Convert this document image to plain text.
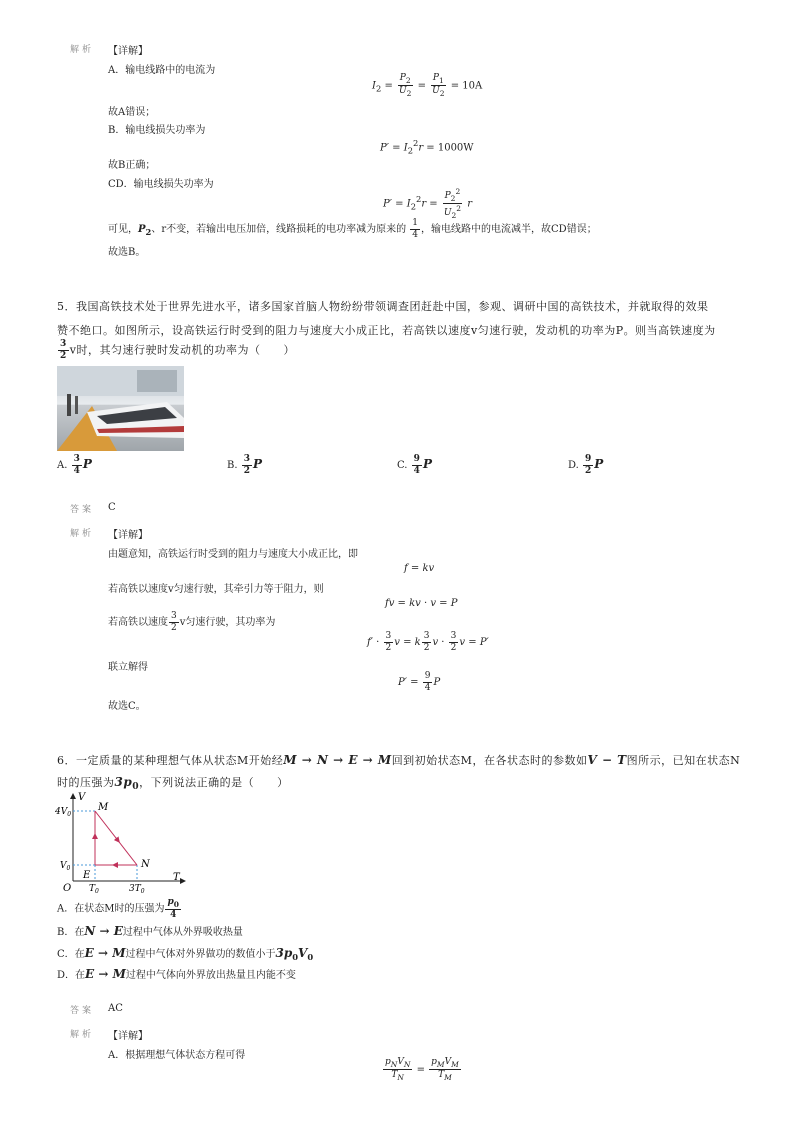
解析 【详解】
A．输电线路中的电流为
$I_2 = \frac{P_2}{U_2} = \frac{P_1}{U_2} = 10A$
故A错误；
B．输电线损失功率为
$P' = I_2^2r = 1000W$
故B正确；
CD．输电线损失功率为
$P' = I_2^2r = \frac{P_2^2}{U_2^2}$ r
可见，$P_2$、r不变，若输出电压加倍，线路损耗的电功率减为原来的 $\frac{1}{4}$ ，输电线路中的电流减半，故CD错误；
故选B。
5．我国高铁技术处于世界先进水平，诸多国家首脑人物纷纷带领调查团赶赴中国，参观、调研中国的高铁技术，并就取得的效果
赞不绝口。如图所示，设高铁运行时受到的阻力与速度大小成正比，若高铁以速度v匀速行驶，发动机的功率为P。则当高铁速度为
$\frac{3}{2}$ v时，其匀速行驶时发动机的功率为（　　）
A. $\frac{3}{4}$ P	B. $\frac{3}{2}$ P	C. $\frac{9}{4}$ P	D. $\frac{9}{2}$ P
答案 C
解析 【详解】
由题意知，高铁运行时受到的阻力与速度大小成正比，即
f = kv
若高铁以速度v匀速行驶，其牵引力等于阻力，则
fv = kv · v = P
若高铁以速度 $\frac{3}{2}$ v匀速行驶，其功率为
$f' \cdot \frac{3}{2}$ v = k $\frac{3}{2}$ $v \cdot \frac{3}{2}$ v = P′
联立解得
$P' = \frac{9}{4}$ P
故选C。
6．一定质量的某种理想气体从状态M开始经M → N → E → M回到初始状态M，在各状态时的参数如V − T图所示，已知在状态N
时的压强为$3p_0$，下列说法正确的是（　　）
V
T
O
$4V_0$
$V_0$
$T_0$	$3T_0$
M
N
E
A．在状态M时的压强为 $\frac{p_0}{4}$
B．在N → E过程中气体从外界吸收热量
C．在E → M过程中气体对外界做功的数值小于$3p_0V_0$
D．在E → M过程中气体向外界放出热量且内能不变
答案 AC
解析 【详解】
A．根据理想气体状态方程可得
$\frac{p_NV_N}{T_N} = \frac{p_MV_M}{T_M}$
